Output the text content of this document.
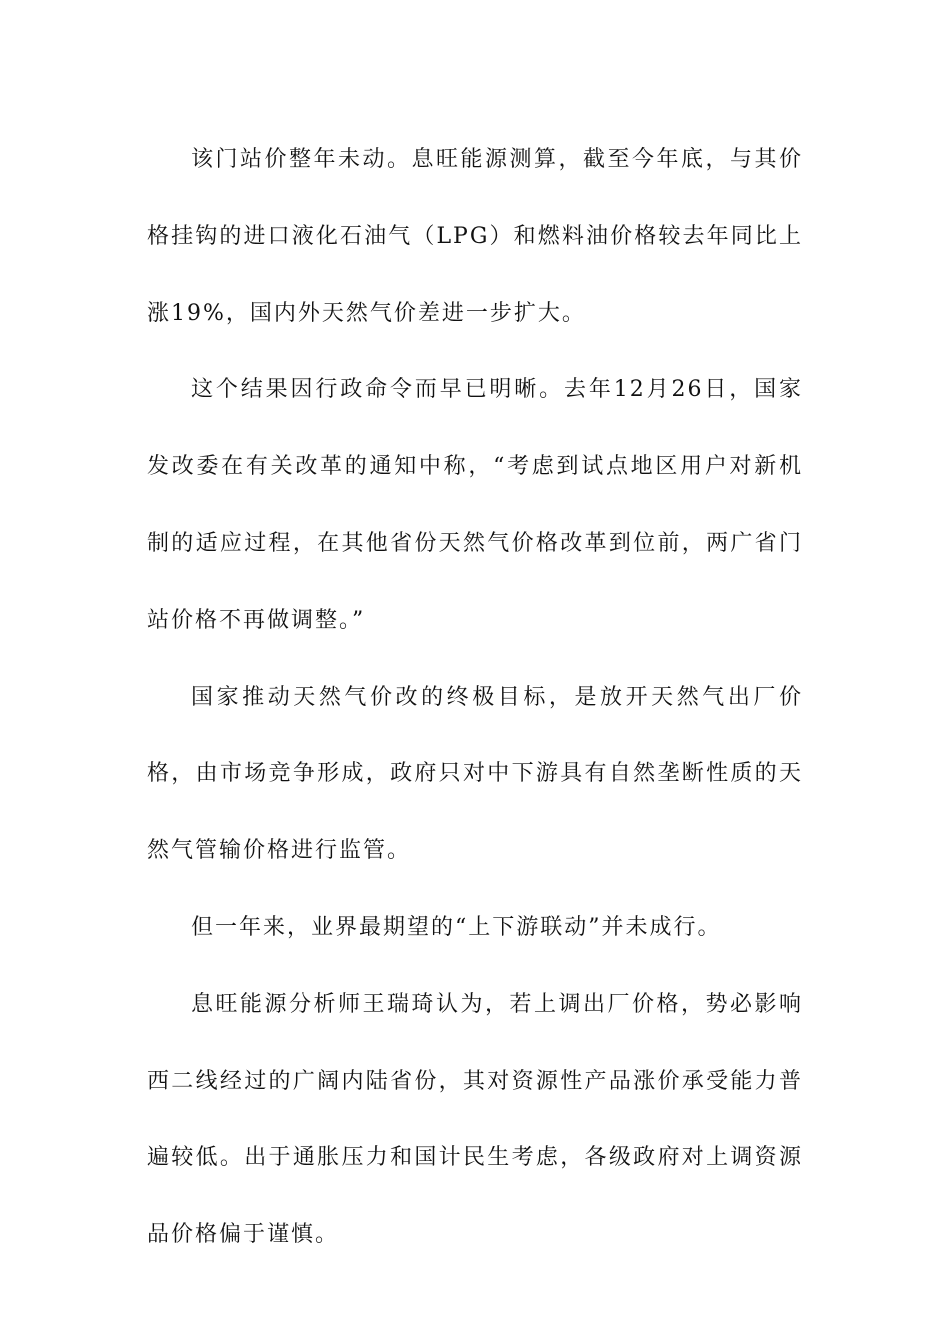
该门站价整年未动。息旺能源测算，截至今年底，与其价格挂钩的进口液化石油气（LPG）和燃料油价格较去年同比上涨19%，国内外天然气价差进一步扩大。

这个结果因行政命令而早已明晰。去年12月26日，国家发改委在有关改革的通知中称，“考虑到试点地区用户对新机制的适应过程，在其他省份天然气价格改革到位前，两广省门站价格不再做调整。”

国家推动天然气价改的终极目标，是放开天然气出厂价格，由市场竞争形成，政府只对中下游具有自然垄断性质的天然气管输价格进行监管。

但一年来，业界最期望的“上下游联动”并未成行。

息旺能源分析师王瑞琦认为，若上调出厂价格，势必影响西二线经过的广阔内陆省份，其对资源性产品涨价承受能力普遍较低。出于通胀压力和国计民生考虑，各级政府对上调资源品价格偏于谨慎。
